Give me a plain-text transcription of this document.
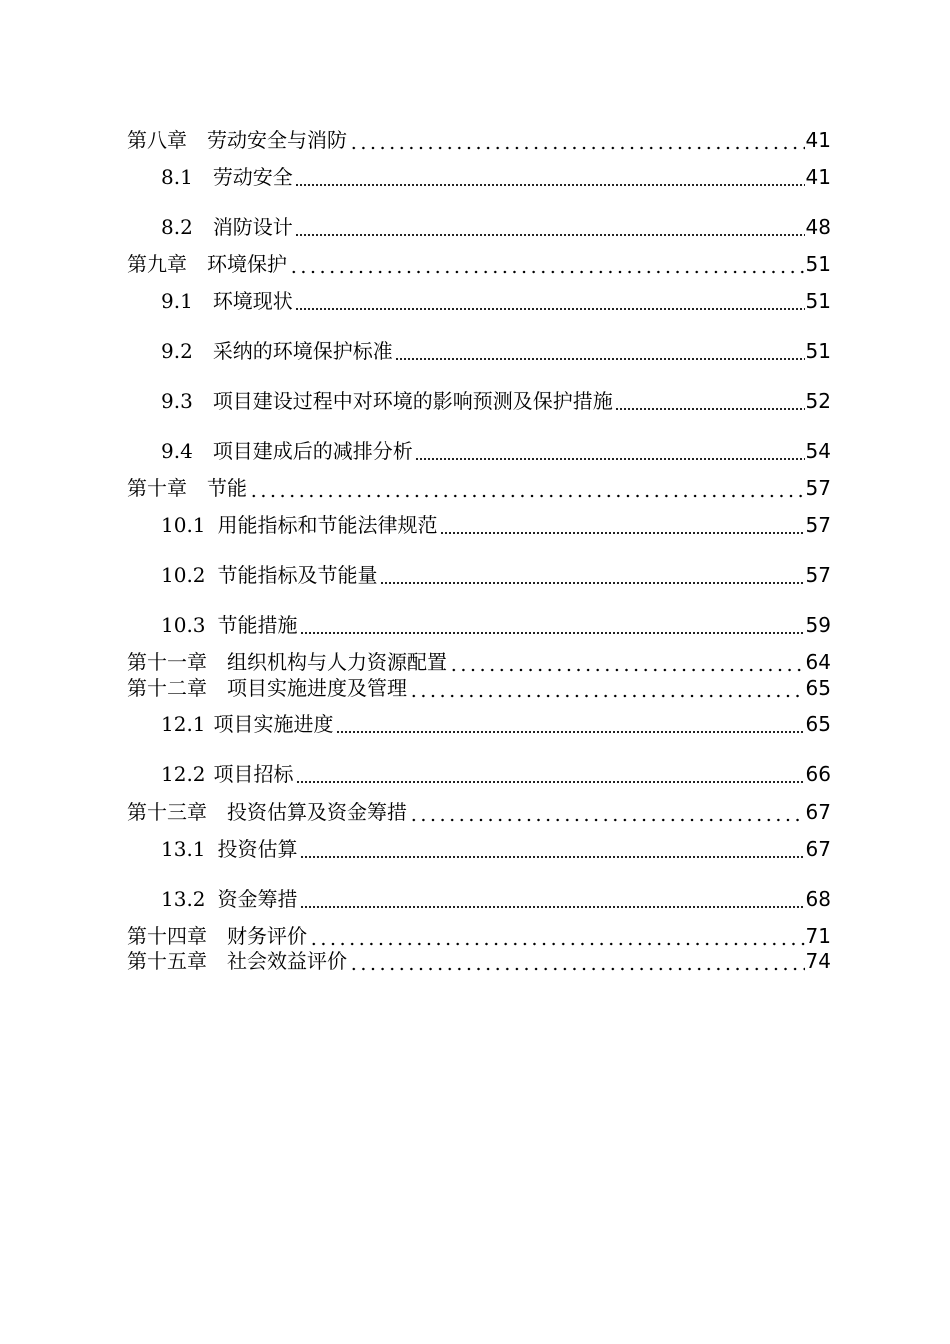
第八章 劳动安全与消防	41
8.1 劳动安全	41
8.2 消防设计	48
第九章 环境保护	51
9.1 环境现状	51
9.2 采纳的环境保护标准	51
9.3 项目建设过程中对环境的影响预测及保护措施	52
9.4 项目建成后的减排分析	54
第十章 节能	57
10.1 用能指标和节能法律规范	57
10.2 节能指标及节能量	57
10.3 节能措施	59
第十一章 组织机构与人力资源配置	64
第十二章 项目实施进度及管理	65
12.1 项目实施进度	65
12.2 项目招标	66
第十三章 投资估算及资金筹措	67
13.1 投资估算	67
13.2 资金筹措	68
第十四章 财务评价	71
第十五章 社会效益评价	74
